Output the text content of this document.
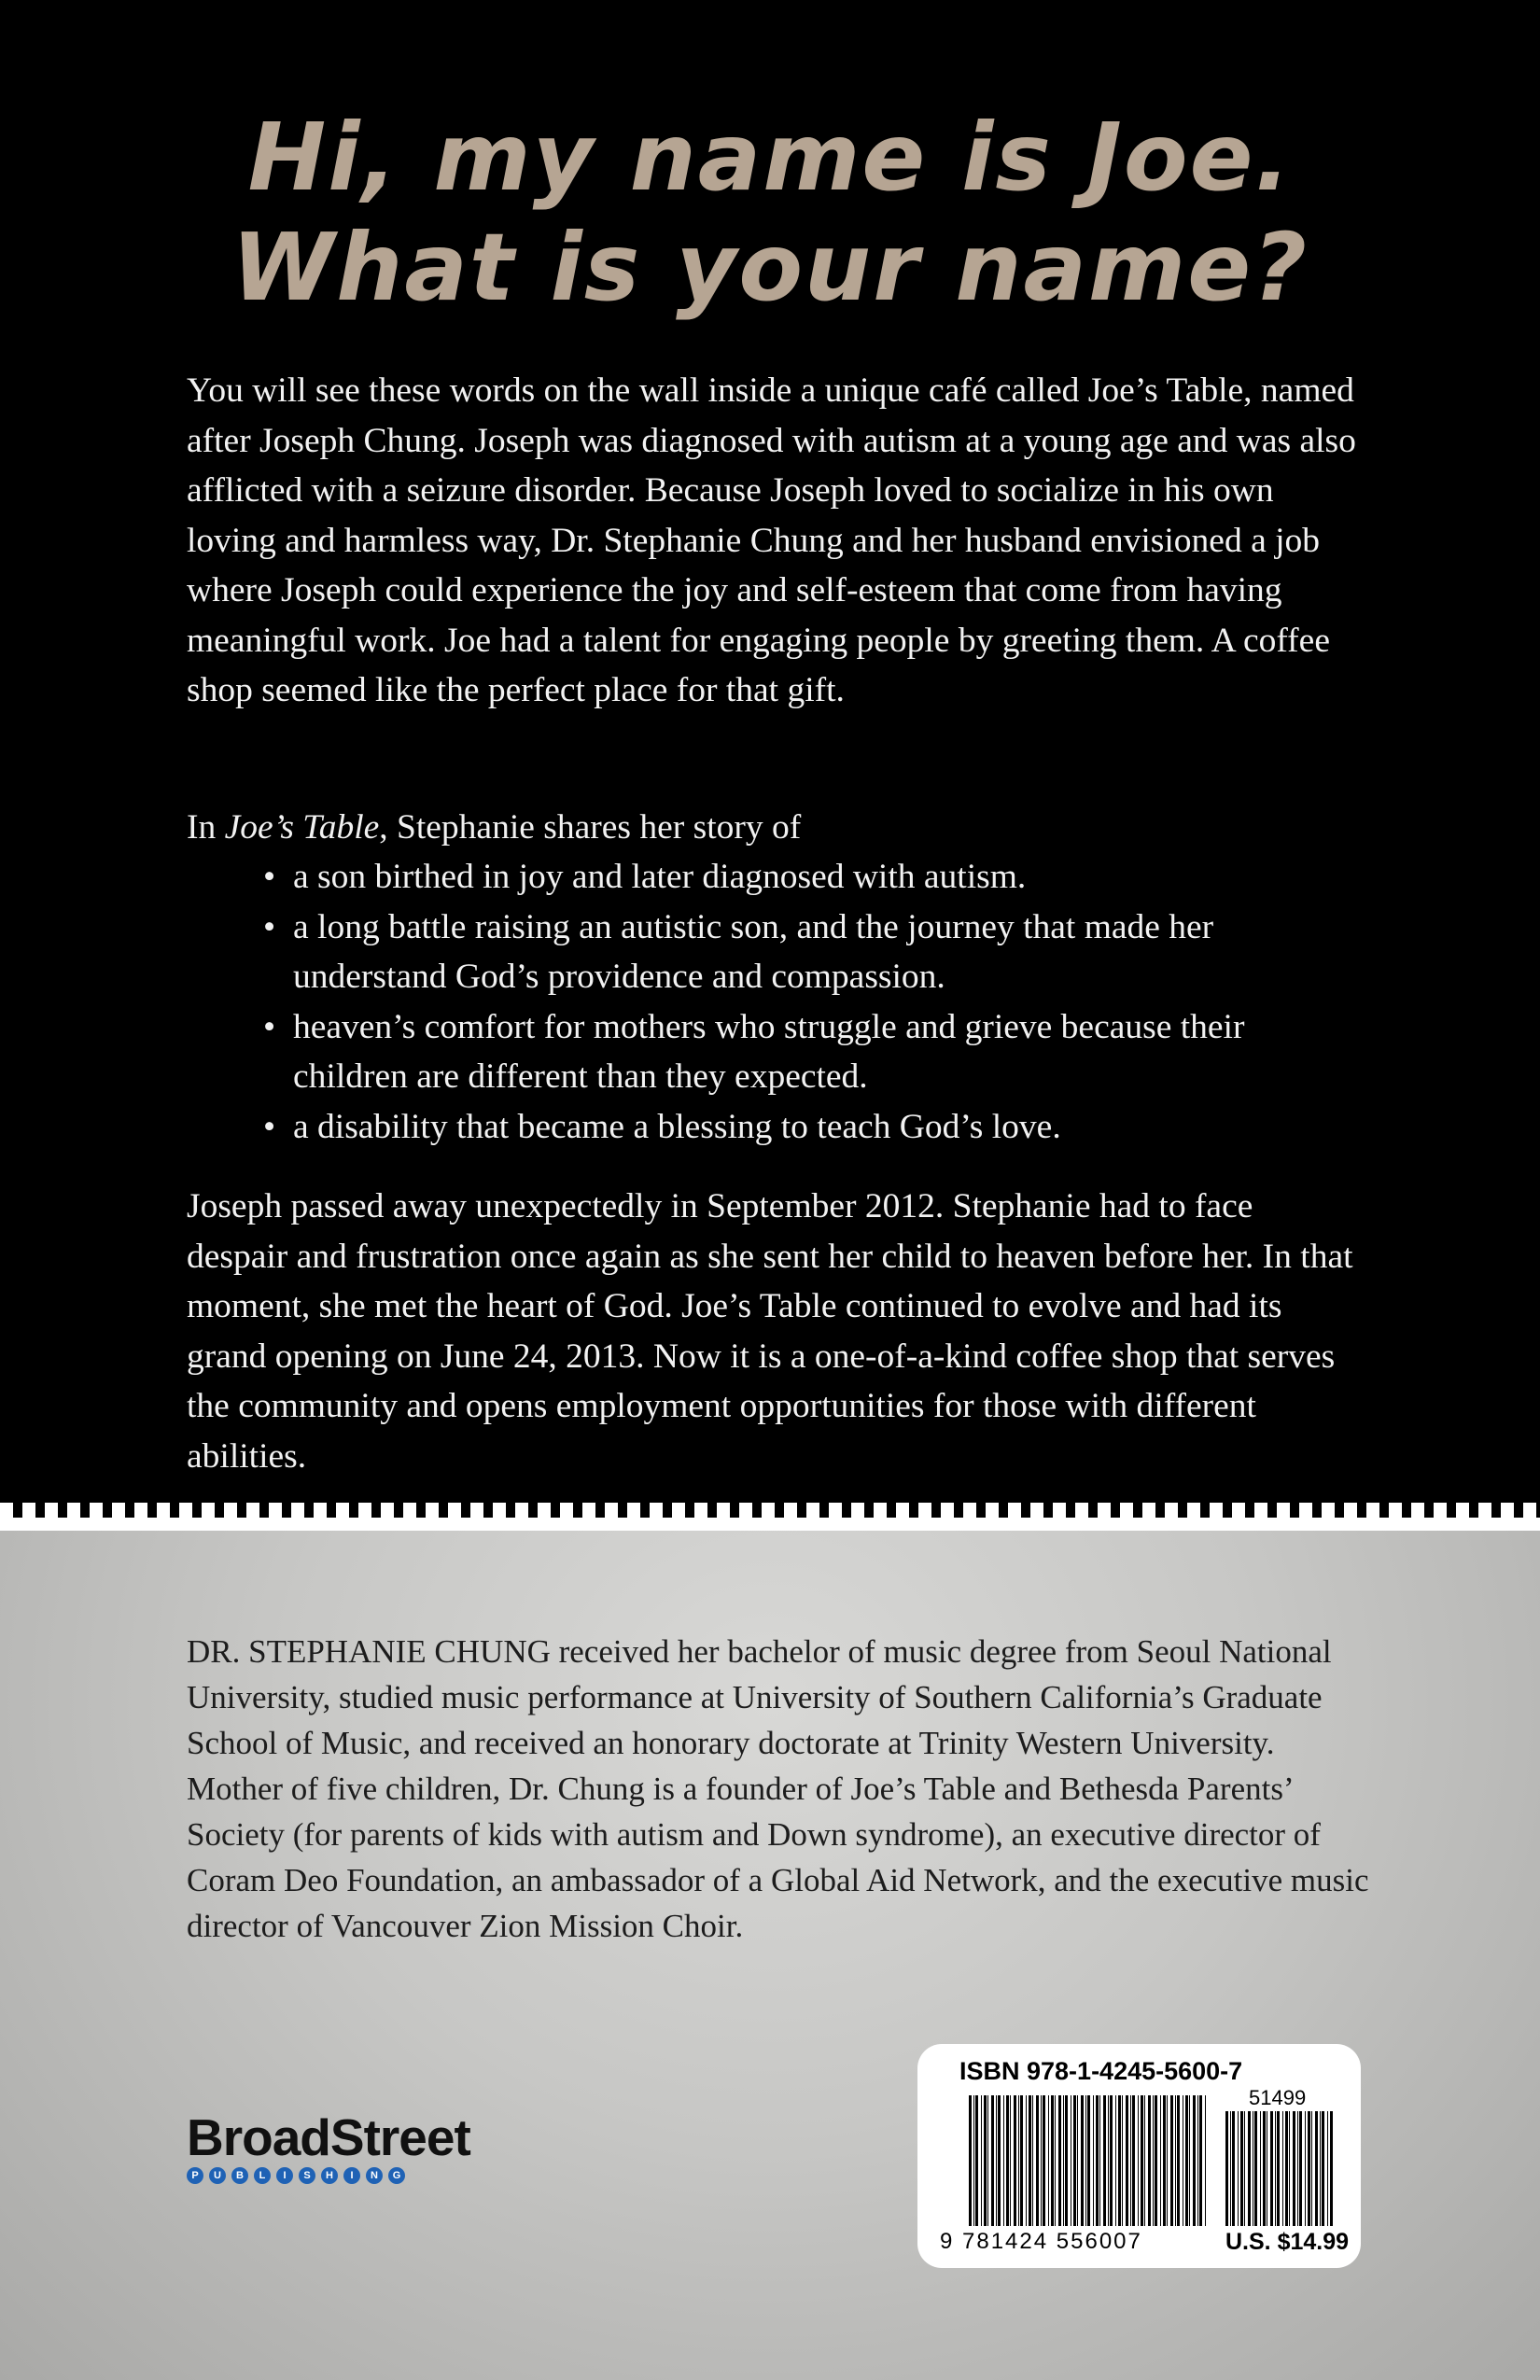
Hi, my name is Joe.
What is your name?
You will see these words on the wall inside a unique café called Joe’s Table, named after Joseph Chung. Joseph was diagnosed with autism at a young age and was also afflicted with a seizure disorder. Because Joseph loved to socialize in his own loving and harmless way, Dr. Stephanie Chung and her husband envisioned a job where Joseph could experience the joy and self-esteem that come from having meaningful work. Joe had a talent for engaging people by greeting them. A coffee shop seemed like the perfect place for that gift.
In Joe’s Table, Stephanie shares her story of
• a son birthed in joy and later diagnosed with autism.
• a long battle raising an autistic son, and the journey that made her understand God’s providence and compassion.
• heaven’s comfort for mothers who struggle and grieve because their children are different than they expected.
• a disability that became a blessing to teach God’s love.
Joseph passed away unexpectedly in September 2012. Stephanie had to face despair and frustration once again as she sent her child to heaven before her. In that moment, she met the heart of God. Joe’s Table continued to evolve and had its grand opening on June 24, 2013. Now it is a one-of-a-kind coffee shop that serves the community and opens employment opportunities for those with different abilities.
DR. STEPHANIE CHUNG received her bachelor of music degree from Seoul National University, studied music performance at University of Southern California’s Graduate School of Music, and received an honorary doctorate at Trinity Western University. Mother of five children, Dr. Chung is a founder of Joe’s Table and Bethesda Parents’ Society (for parents of kids with autism and Down syndrome), an executive director of Coram Deo Foundation, an ambassador of a Global Aid Network, and the executive music director of Vancouver Zion Mission Choir.
BroadStreet
P	U	B	L	I	S	H	I	N	G
ISBN 978-1-4245-5600-7
51499
9 781424 556007	U.S. $14.99
